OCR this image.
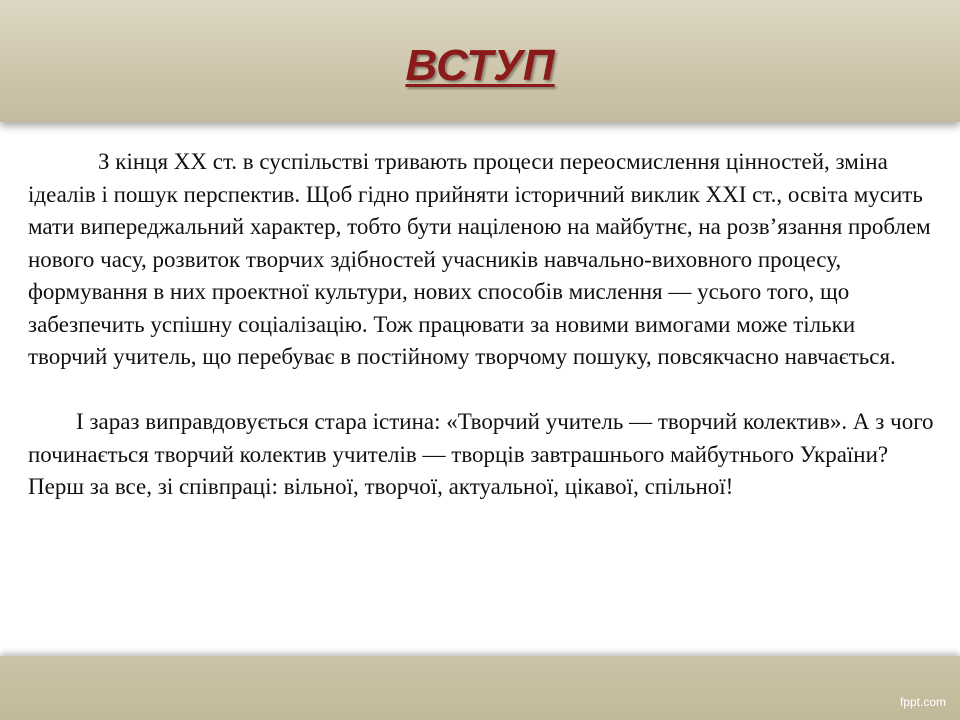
ВСТУП

З кінця ХХ ст. в суспільстві тривають процеси переосмислення цінностей, зміна ідеалів і пошук перспектив. Щоб гідно прийняти історичний виклик ХХІ ст., освіта мусить мати випереджальний характер, тобто бути націленою на майбутнє, на розв’язання проблем нового часу, розвиток творчих здібностей учасників навчально-виховного процесу, формування в них проектної культури, нових способів мислення — усього того, що забезпечить успішну соціалізацію. Тож працювати за новими вимогами може тільки творчий учитель, що перебуває в постійному творчому пошуку, повсякчасно навчається.

І зараз виправдовується стара істина: «Творчий учитель — творчий колектив». А з чого починається творчий колектив учителів — творців завтрашнього майбутнього України? Перш за все, зі співпраці: вільної, творчої, актуальної, цікавої, спільної!

fppt.com
